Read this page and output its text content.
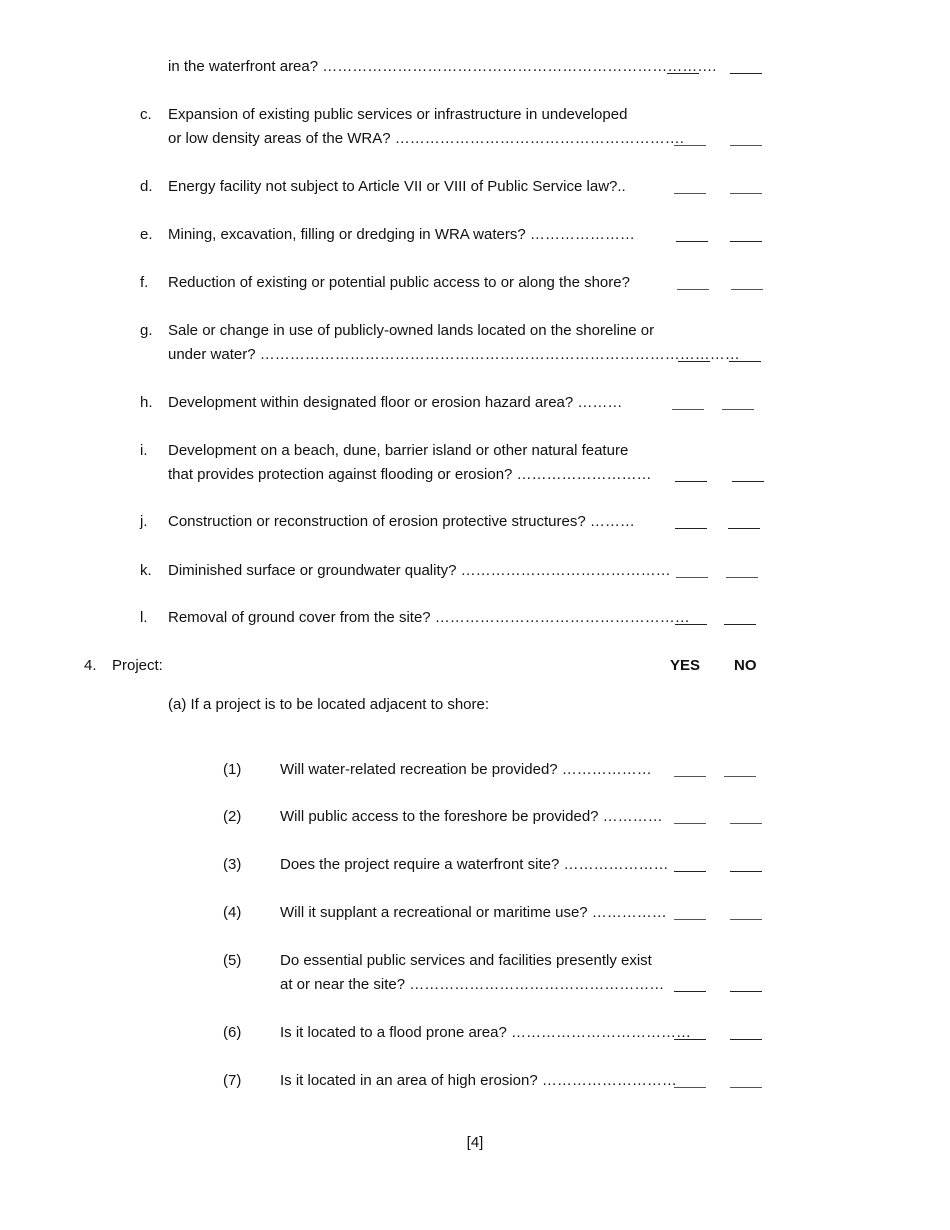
in the waterfront area? …………………………………………………………………….
c. Expansion of existing public services or infrastructure in undeveloped
or low density areas of the WRA? ………………………………………………….
d. Energy facility not subject to Article VII or VIII of Public Service law?..
e. Mining, excavation, filling or dredging in WRA waters? …………………
f. Reduction of existing or potential public access to or along the shore?
g. Sale or change in use of publicly-owned lands located on the shoreline or
under water? ……………………………………………………………………………………
h. Development within designated floor or erosion hazard area? ………
i. Development on a beach, dune, barrier island or other natural feature
that provides protection against flooding or erosion? ………………………
j. Construction or reconstruction of erosion protective structures? ………
k. Diminished surface or groundwater quality? ……………………………………
l. Removal of ground cover from the site? ……………………………………………
4. Project:	YES NO
(a) If a project is to be located adjacent to shore:
(1)	Will water-related recreation be provided? ………………
(2)	Will public access to the foreshore be provided? …………
(3)	Does the project require a waterfront site? …………………
(4)	Will it supplant a recreational or maritime use? ……………
(5)	Do essential public services and facilities presently exist
at or near the site? ……………………………………………
(6)	Is it located to a flood prone area? ………………………………
(7)	Is it located in an area of high erosion? ………………………
[4]
